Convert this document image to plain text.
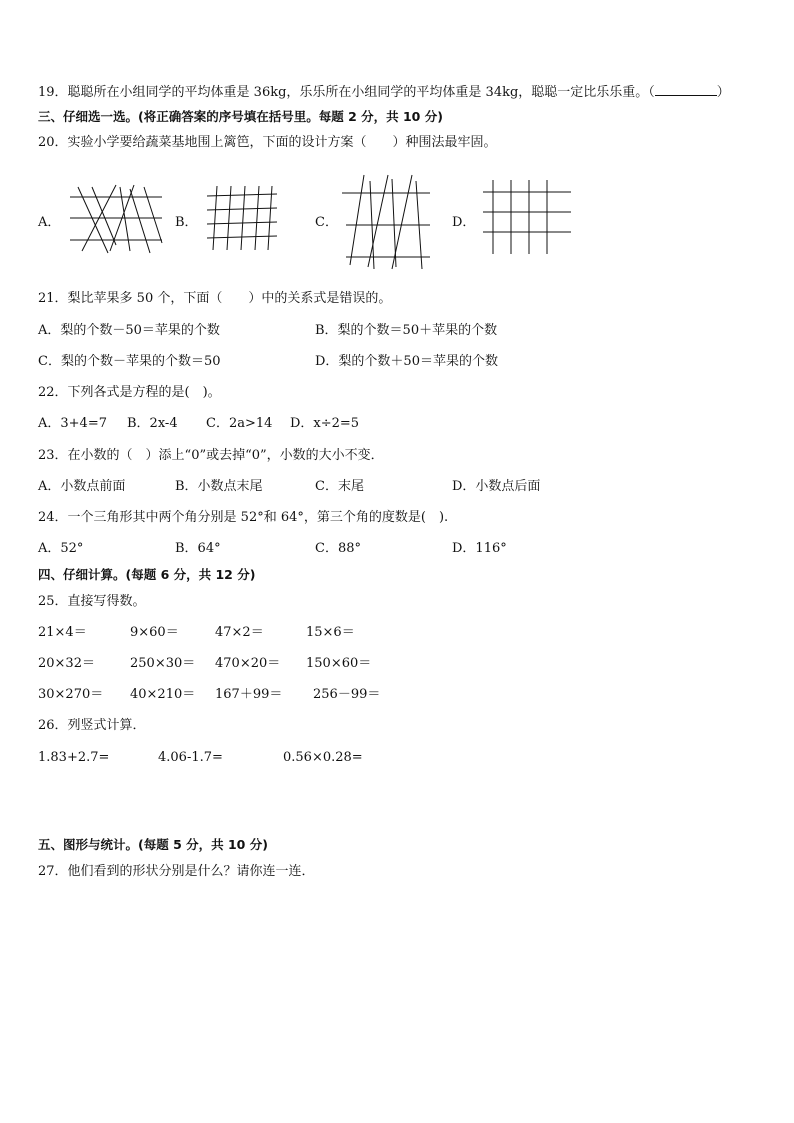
19．聪聪所在小组同学的平均体重是 36kg，乐乐所在小组同学的平均体重是 34kg，聪聪一定比乐乐重。（	）
三、仔细选一选。(将正确答案的序号填在括号里。每题 2 分，共 10 分)
20．实验小学要给蔬菜基地围上篱笆，下面的设计方案（　　）种围法最牢固。
A．	B．	C．	D．
21．梨比苹果多 50 个，下面（　　）中的关系式是错误的。
A．梨的个数－50＝苹果的个数	B．梨的个数＝50＋苹果的个数
C．梨的个数－苹果的个数＝50	D．梨的个数＋50＝苹果的个数
22．下列各式是方程的是(　)。
A．3+4=7 B．2x-4 C．2a>14 D．x÷2=5
23．在小数的（　）添上“0”或去掉“0”，小数的大小不变．
A．小数点前面	B．小数点末尾	C．末尾	D．小数点后面
24．一个三角形其中两个角分别是 52°和 64°，第三个角的度数是(　).
A．52°	B．64°	C．88°	D．116°
四、仔细计算。(每题 6 分，共 12 分)
25．直接写得数。
21×4＝	9×60＝	47×2＝	15×6＝
20×32＝	250×30＝ 470×20＝ 150×60＝
30×270＝ 40×210＝ 167＋99＝ 256－99＝
26．列竖式计算．
1.83+2.7=	4.06-1.7=	0.56×0.28=
五、图形与统计。(每题 5 分，共 10 分)
27．他们看到的形状分别是什么？请你连一连．
